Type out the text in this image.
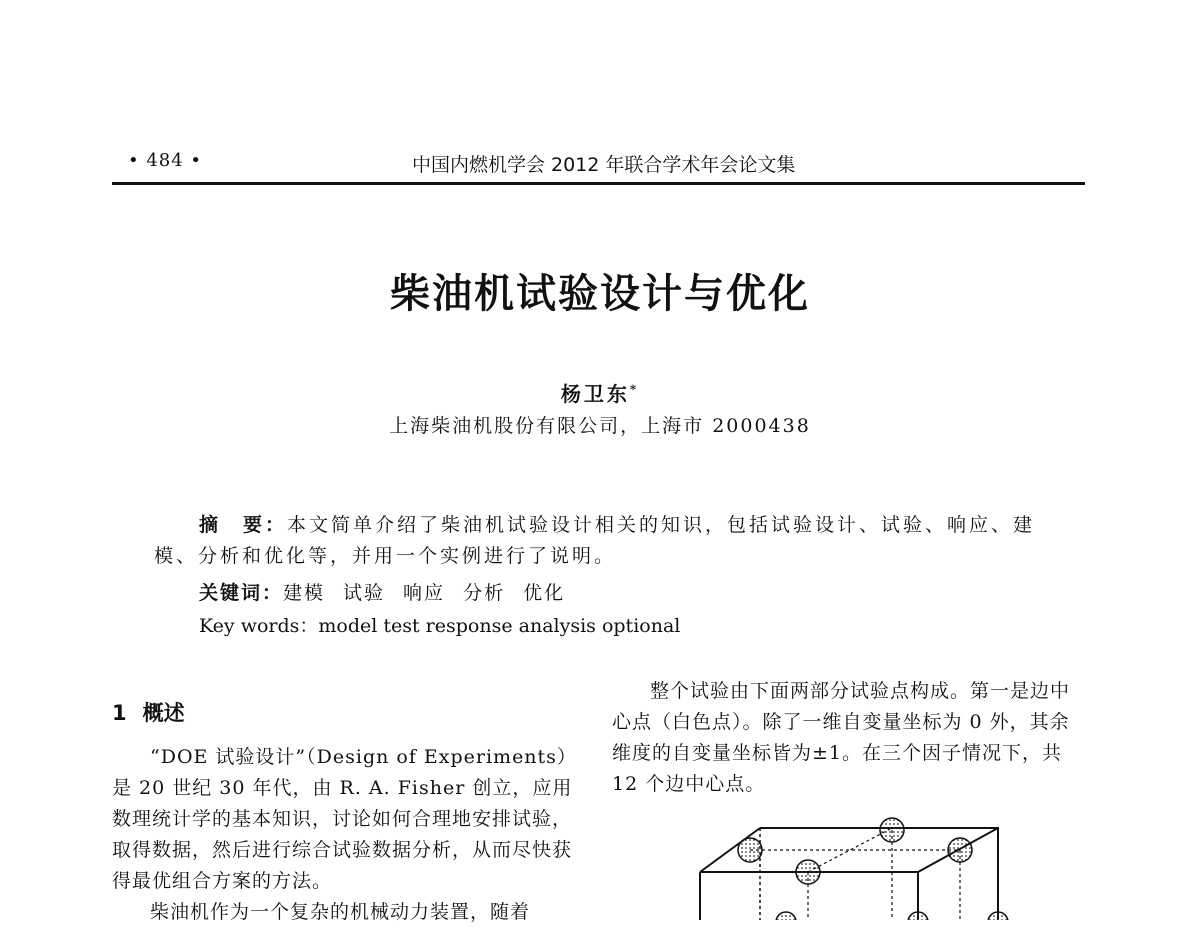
• 484 •	中国内燃机学会 2012 年联合学术年会论文集
柴油机试验设计与优化
杨卫东*
上海柴油机股份有限公司，上海市 2000438
摘　要：本文简单介绍了柴油机试验设计相关的知识，包括试验设计、试验、响应、建模、分析和优化等，并用一个实例进行了说明。
关键词：建模 试验 响应 分析 优化
Key words：model test response analysis optional
1 概述

“DOE 试验设计”（Design of Experiments）是 20 世纪 30 年代，由 R. A. Fisher 创立，应用数理统计学的基本知识，讨论如何合理地安排试验，取得数据，然后进行综合试验数据分析，从而尽快获得最优组合方案的方法。

柴油机作为一个复杂的机械动力装置，随着

整个试验由下面两部分试验点构成。第一是边中心点（白色点）。除了一维自变量坐标为 0 外，其余维度的自变量坐标皆为±1。在三个因子情况下，共 12 个边中心点。
